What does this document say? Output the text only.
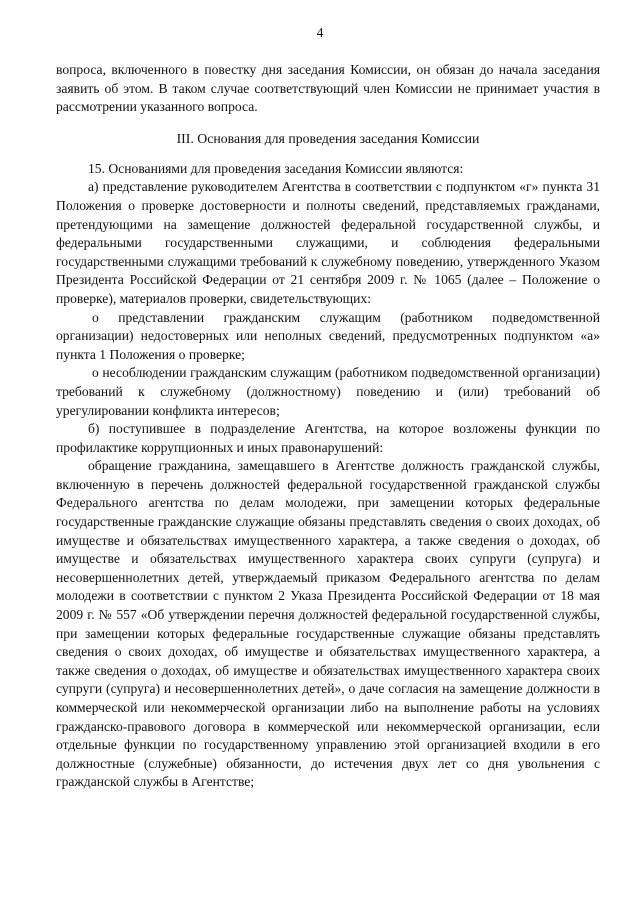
4

вопроса, включенного в повестку дня заседания Комиссии, он обязан до начала заседания заявить об этом. В таком случае соответствующий член Комиссии не принимает участия в рассмотрении указанного вопроса.

III. Основания для проведения заседания Комиссии

15. Основаниями для проведения заседания Комиссии являются:

а) представление руководителем Агентства в соответствии с подпунктом «г» пункта 31 Положения о проверке достоверности и полноты сведений, представляемых гражданами, претендующими на замещение должностей федеральной государственной службы, и федеральными государственными служащими, и соблюдения федеральными государственными служащими требований к служебному поведению, утвержденного Указом Президента Российской Федерации от 21 сентября 2009 г. № 1065 (далее – Положение о проверке), материалов проверки, свидетельствующих:

о представлении гражданским служащим (работником подведомственной организации) недостоверных или неполных сведений, предусмотренных подпунктом «а» пункта 1 Положения о проверке;

о несоблюдении гражданским служащим (работником подведомственной организации) требований к служебному (должностному) поведению и (или) требований об урегулировании конфликта интересов;

б) поступившее в подразделение Агентства, на которое возложены функции по профилактике коррупционных и иных правонарушений:

обращение гражданина, замещавшего в Агентстве должность гражданской службы, включенную в перечень должностей федеральной государственной гражданской службы Федерального агентства по делам молодежи, при замещении которых федеральные государственные гражданские служащие обязаны представлять сведения о своих доходах, об имуществе и обязательствах имущественного характера, а также сведения о доходах, об имуществе и обязательствах имущественного характера своих супруги (супруга) и несовершеннолетних детей, утверждаемый приказом Федерального агентства по делам молодежи в соответствии с пунктом 2 Указа Президента Российской Федерации от 18 мая 2009 г. № 557 «Об утверждении перечня должностей федеральной государственной службы, при замещении которых федеральные государственные служащие обязаны представлять сведения о своих доходах, об имуществе и обязательствах имущественного характера, а также сведения о доходах, об имуществе и обязательствах имущественного характера своих супруги (супруга) и несовершеннолетних детей», о даче согласия на замещение должности в коммерческой или некоммерческой организации либо на выполнение работы на условиях гражданско-правового договора в коммерческой или некоммерческой организации, если отдельные функции по государственному управлению этой организацией входили в его должностные (служебные) обязанности, до истечения двух лет со дня увольнения с гражданской службы в Агентстве;
